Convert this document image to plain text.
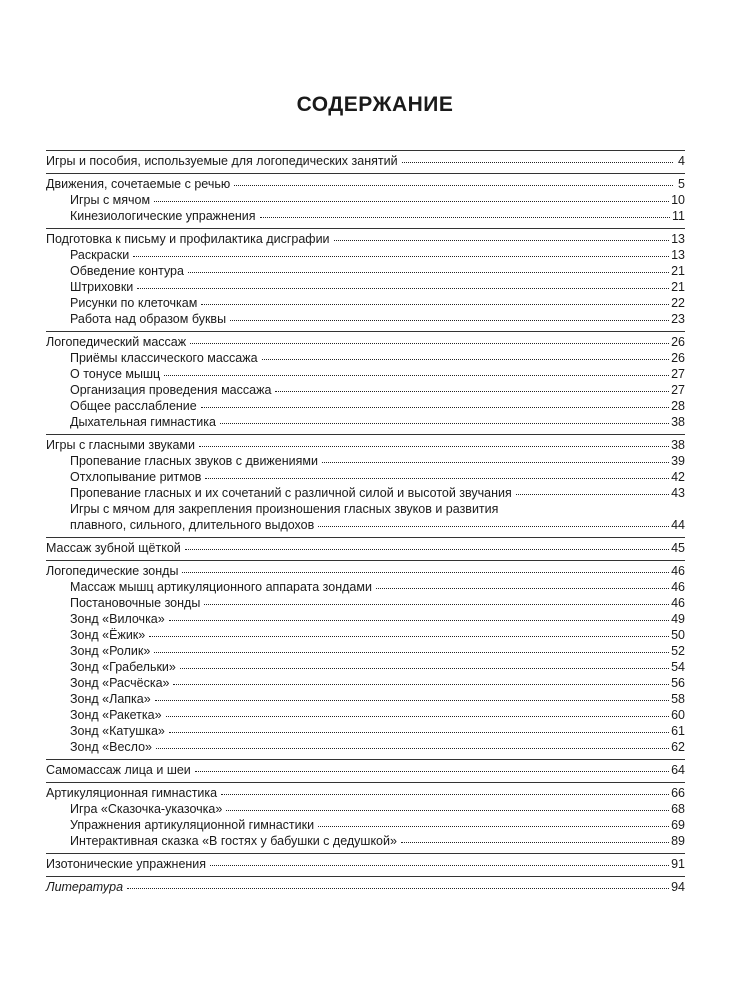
СОДЕРЖАНИЕ
Игры и пособия, используемые для логопедических занятий	4
Движения, сочетаемые с речью	5
Игры с мячом	10
Кинезиологические упражнения	11
Подготовка к письму и профилактика дисграфии	13
Раскраски	13
Обведение контура	21
Штриховки	21
Рисунки по клеточкам	22
Работа над образом буквы	23
Логопедический массаж	26
Приёмы классического массажа	26
О тонусе мышц	27
Организация проведения массажа	27
Общее расслабление	28
Дыхательная гимнастика	38
Игры с гласными звуками	38
Пропевание гласных звуков с движениями	39
Отхлопывание ритмов	42
Пропевание гласных и их сочетаний с различной силой и высотой звучания	43
Игры с мячом для закрепления произношения гласных звуков и развития
плавного, сильного, длительного выдохов	44
Массаж зубной щёткой	45
Логопедические зонды	46
Массаж мышц артикуляционного аппарата зондами	46
Постановочные зонды	46
Зонд «Вилочка»	49
Зонд «Ёжик»	50
Зонд «Ролик»	52
Зонд «Грабельки»	54
Зонд «Расчёска»	56
Зонд «Лапка»	58
Зонд «Ракетка»	60
Зонд «Катушка»	61
Зонд «Весло»	62
Самомассаж лица и шеи	64
Артикуляционная гимнастика	66
Игра «Сказочка-указочка»	68
Упражнения артикуляционной гимнастики	69
Интерактивная сказка «В гостях у бабушки с дедушкой»	89
Изотонические упражнения	91
Литература	94
